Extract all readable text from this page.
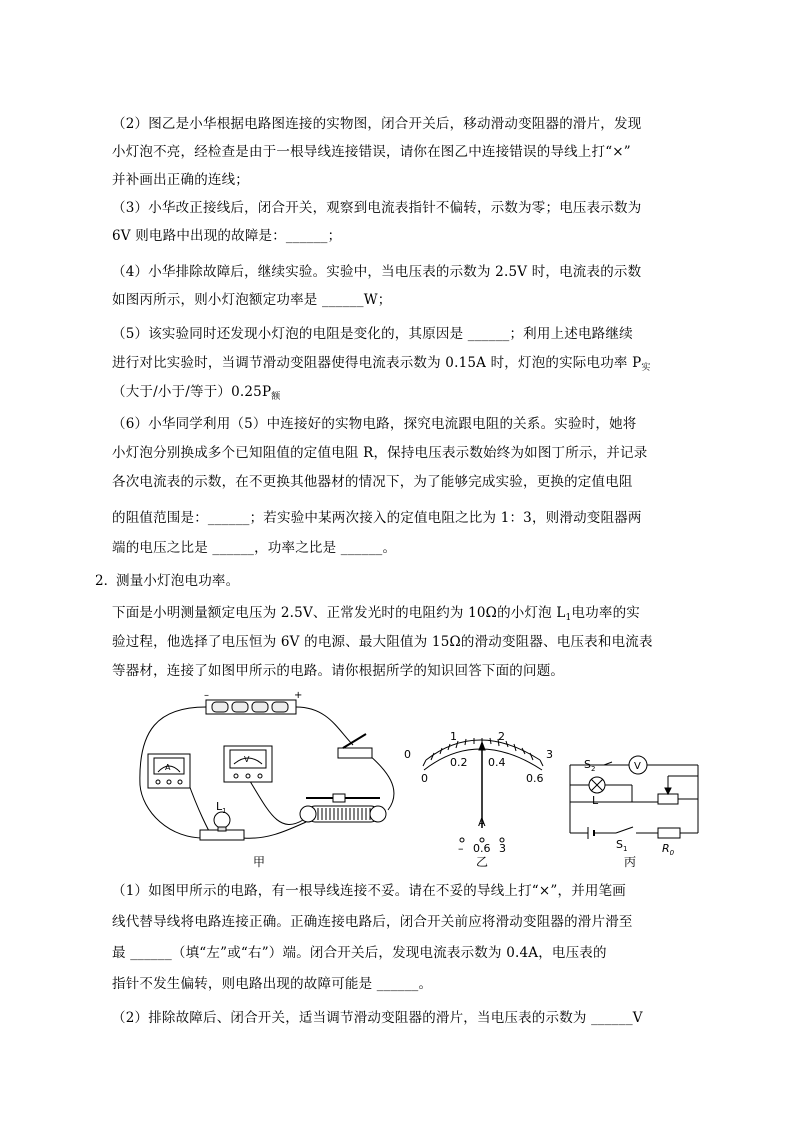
（2）图乙是小华根据电路图连接的实物图，闭合开关后，移动滑动变阻器的滑片，发现
小灯泡不亮，经检查是由于一根导线连接错误，请你在图乙中连接错误的导线上打“×”
并补画出正确的连线；
（3）小华改正接线后，闭合开关，观察到电流表指针不偏转，示数为零；电压表示数为
6V 则电路中出现的故障是：______；
（4）小华排除故障后，继续实验。实验中，当电压表的示数为 2.5V 时，电流表的示数
如图丙所示，则小灯泡额定功率是 ______W；
（5）该实验同时还发现小灯泡的电阻是变化的，其原因是 ______；利用上述电路继续
进行对比实验时，当调节滑动变阻器使得电流表示数为 0.15A 时，灯泡的实际电功率 $P_实$
（大于/小于/等于）$0.25P_额$
（6）小华同学利用（5）中连接好的实物电路，探究电流跟电阻的关系。实验时，她将
小灯泡分别换成多个已知阻值的定值电阻 R，保持电压表示数始终为如图丁所示，并记录
各次电流表的示数，在不更换其他器材的情况下，为了能够完成实验，更换的定值电阻
的阻值范围是：______；若实验中某两次接入的定值电阻之比为 1：3，则滑动变阻器两
端的电压之比是 ______，功率之比是 ______。
2．
测量小灯泡电功率。
下面是小明测量额定电压为 2.5V、正常发光时的电阻约为 10Ω的小灯泡 $L_1$电功率的实
验过程，他选择了电压恒为 6V 的电源、最大阻值为 15Ω的滑动变阻器、电压表和电流表
等器材，连接了如图甲所示的电路。请你根据所学的知识回答下面的问题。
–	+
A
V
$L_1$
甲
0
1	2
3
0
0.2 0.4
0.6
A
– 0.6 3
乙
$S_2$	V
L
$S_1$	$R_0$
丙
（1）如图甲所示的电路，有一根导线连接不妥。请在不妥的导线上打“×”，并用笔画
线代替导线将电路连接正确。正确连接电路后，闭合开关前应将滑动变阻器的滑片滑至
最 ______（填“左”或“右”）端。闭合开关后，发现电流表示数为 0.4A，电压表的
指针不发生偏转，则电路出现的故障可能是 ______。
（2）排除故障后、闭合开关，适当调节滑动变阻器的滑片，当电压表的示数为 ______V
